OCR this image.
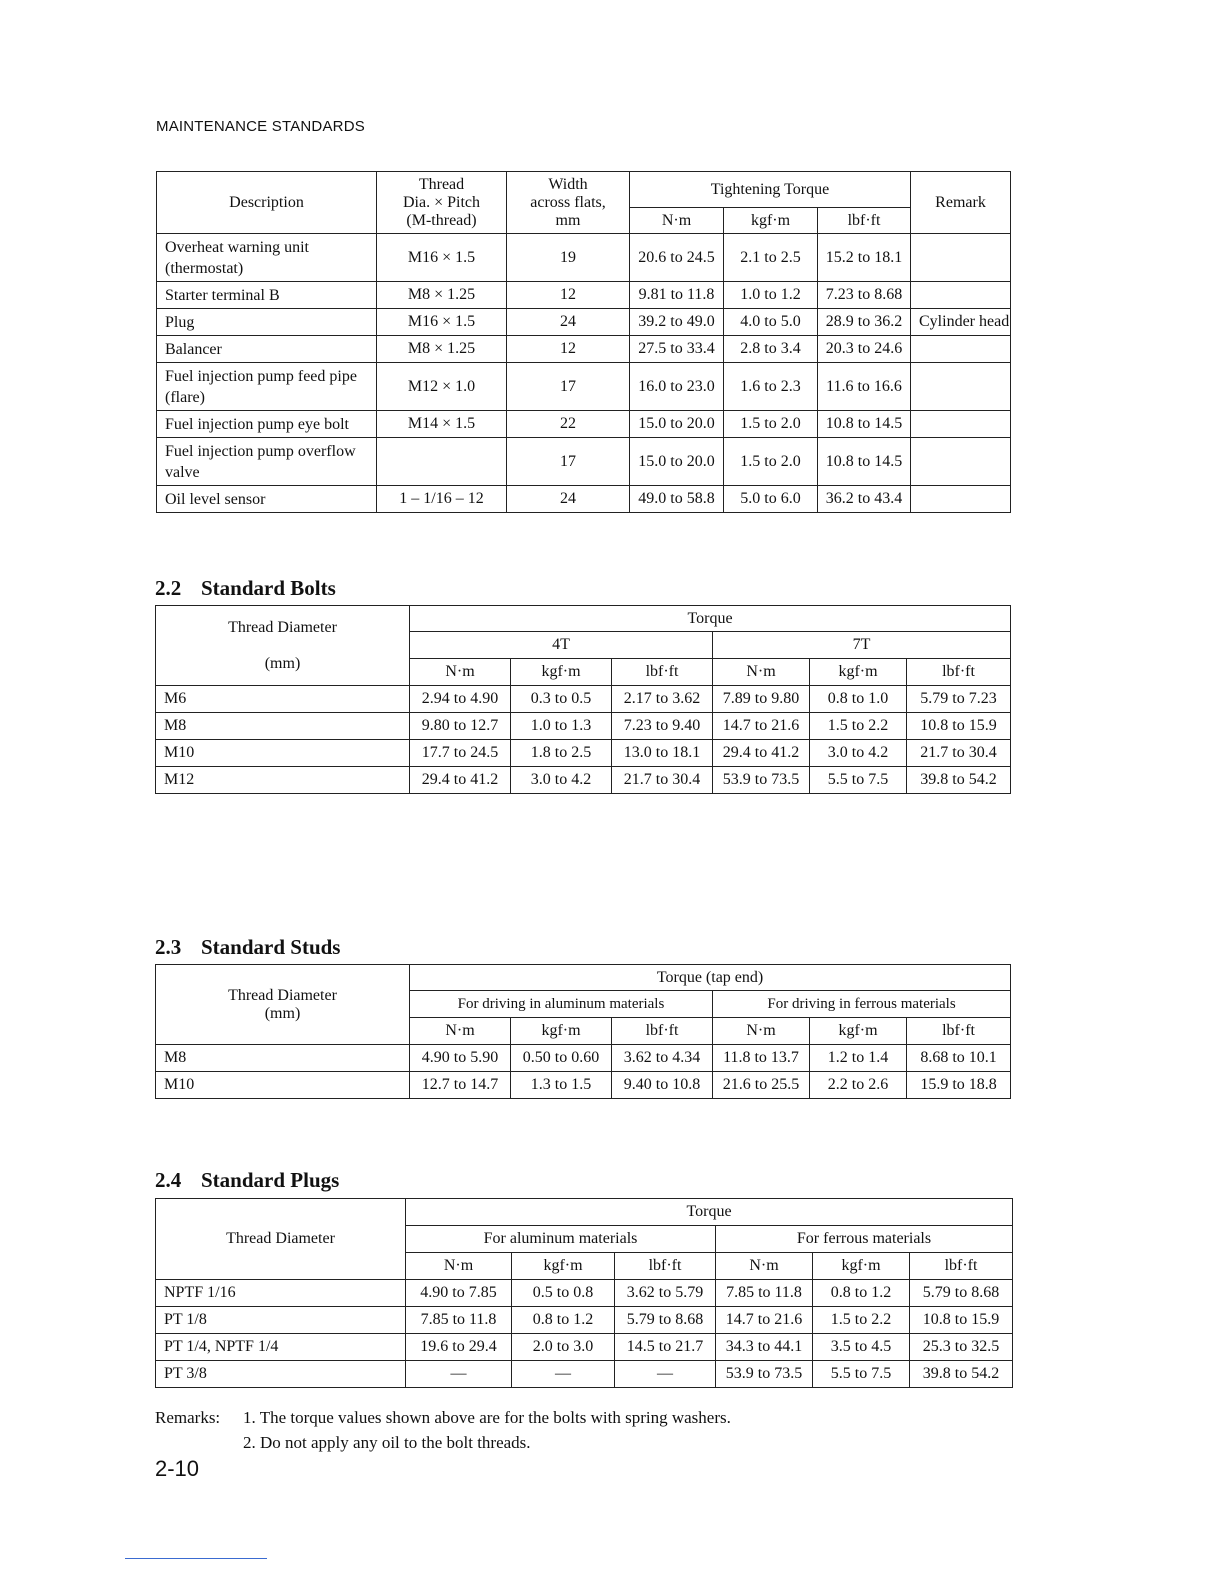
MAINTENANCE STANDARDS
Description	Thread
Dia. × Pitch
(M-thread)	Width
across flats,
mm	Tightening Torque			Remark
			N·m	kgf·m	lbf·ft	
Overheat warning unit (thermostat)	M16 × 1.5	19	20.6 to 24.5	2.1 to 2.5	15.2 to 18.1	
Starter terminal B	M8 × 1.25	12	9.81 to 11.8	1.0 to 1.2	7.23 to 8.68	
Plug	M16 × 1.5	24	39.2 to 49.0	4.0 to 5.0	28.9 to 36.2	Cylinder head
Balancer	M8 × 1.25	12	27.5 to 33.4	2.8 to 3.4	20.3 to 24.6	
Fuel injection pump feed pipe (flare)	M12 × 1.0	17	16.0 to 23.0	1.6 to 2.3	11.6 to 16.6	
Fuel injection pump eye bolt	M14 × 1.5	22	15.0 to 20.0	1.5 to 2.0	10.8 to 14.5	
Fuel injection pump overflow valve		17	15.0 to 20.0	1.5 to 2.0	10.8 to 14.5	
Oil level sensor	1 – 1/16 – 12	24	49.0 to 58.8	5.0 to 6.0	36.2 to 43.4	
2.2 Standard Bolts
Thread Diameter

(mm)	Torque					
	4T			7T		
	N·m	kgf·m	lbf·ft	N·m	kgf·m	lbf·ft
M6	2.94 to 4.90	0.3 to 0.5	2.17 to 3.62	7.89 to 9.80	0.8 to 1.0	5.79 to 7.23
M8	9.80 to 12.7	1.0 to 1.3	7.23 to 9.40	14.7 to 21.6	1.5 to 2.2	10.8 to 15.9
M10	17.7 to 24.5	1.8 to 2.5	13.0 to 18.1	29.4 to 41.2	3.0 to 4.2	21.7 to 30.4
M12	29.4 to 41.2	3.0 to 4.2	21.7 to 30.4	53.9 to 73.5	5.5 to 7.5	39.8 to 54.2
2.3 Standard Studs
Thread Diameter
(mm)	Torque (tap end)					
	For driving in aluminum materials			For driving in ferrous materials		
	N·m	kgf·m	lbf·ft	N·m	kgf·m	lbf·ft
M8	4.90 to 5.90	0.50 to 0.60	3.62 to 4.34	11.8 to 13.7	1.2 to 1.4	8.68 to 10.1
M10	12.7 to 14.7	1.3 to 1.5	9.40 to 10.8	21.6 to 25.5	2.2 to 2.6	15.9 to 18.8
2.4 Standard Plugs
Thread Diameter	Torque					
	For aluminum materials			For ferrous materials		
	N·m	kgf·m	lbf·ft	N·m	kgf·m	lbf·ft
NPTF 1/16	4.90 to 7.85	0.5 to 0.8	3.62 to 5.79	7.85 to 11.8	0.8 to 1.2	5.79 to 8.68
PT 1/8	7.85 to 11.8	0.8 to 1.2	5.79 to 8.68	14.7 to 21.6	1.5 to 2.2	10.8 to 15.9
PT 1/4, NPTF 1/4	19.6 to 29.4	2.0 to 3.0	14.5 to 21.7	34.3 to 44.1	3.5 to 4.5	25.3 to 32.5
PT 3/8	—	—	—	53.9 to 73.5	5.5 to 7.5	39.8 to 54.2
Remarks: 1. The torque values shown above are for the bolts with spring washers.
2. Do not apply any oil to the bolt threads.
2-10
